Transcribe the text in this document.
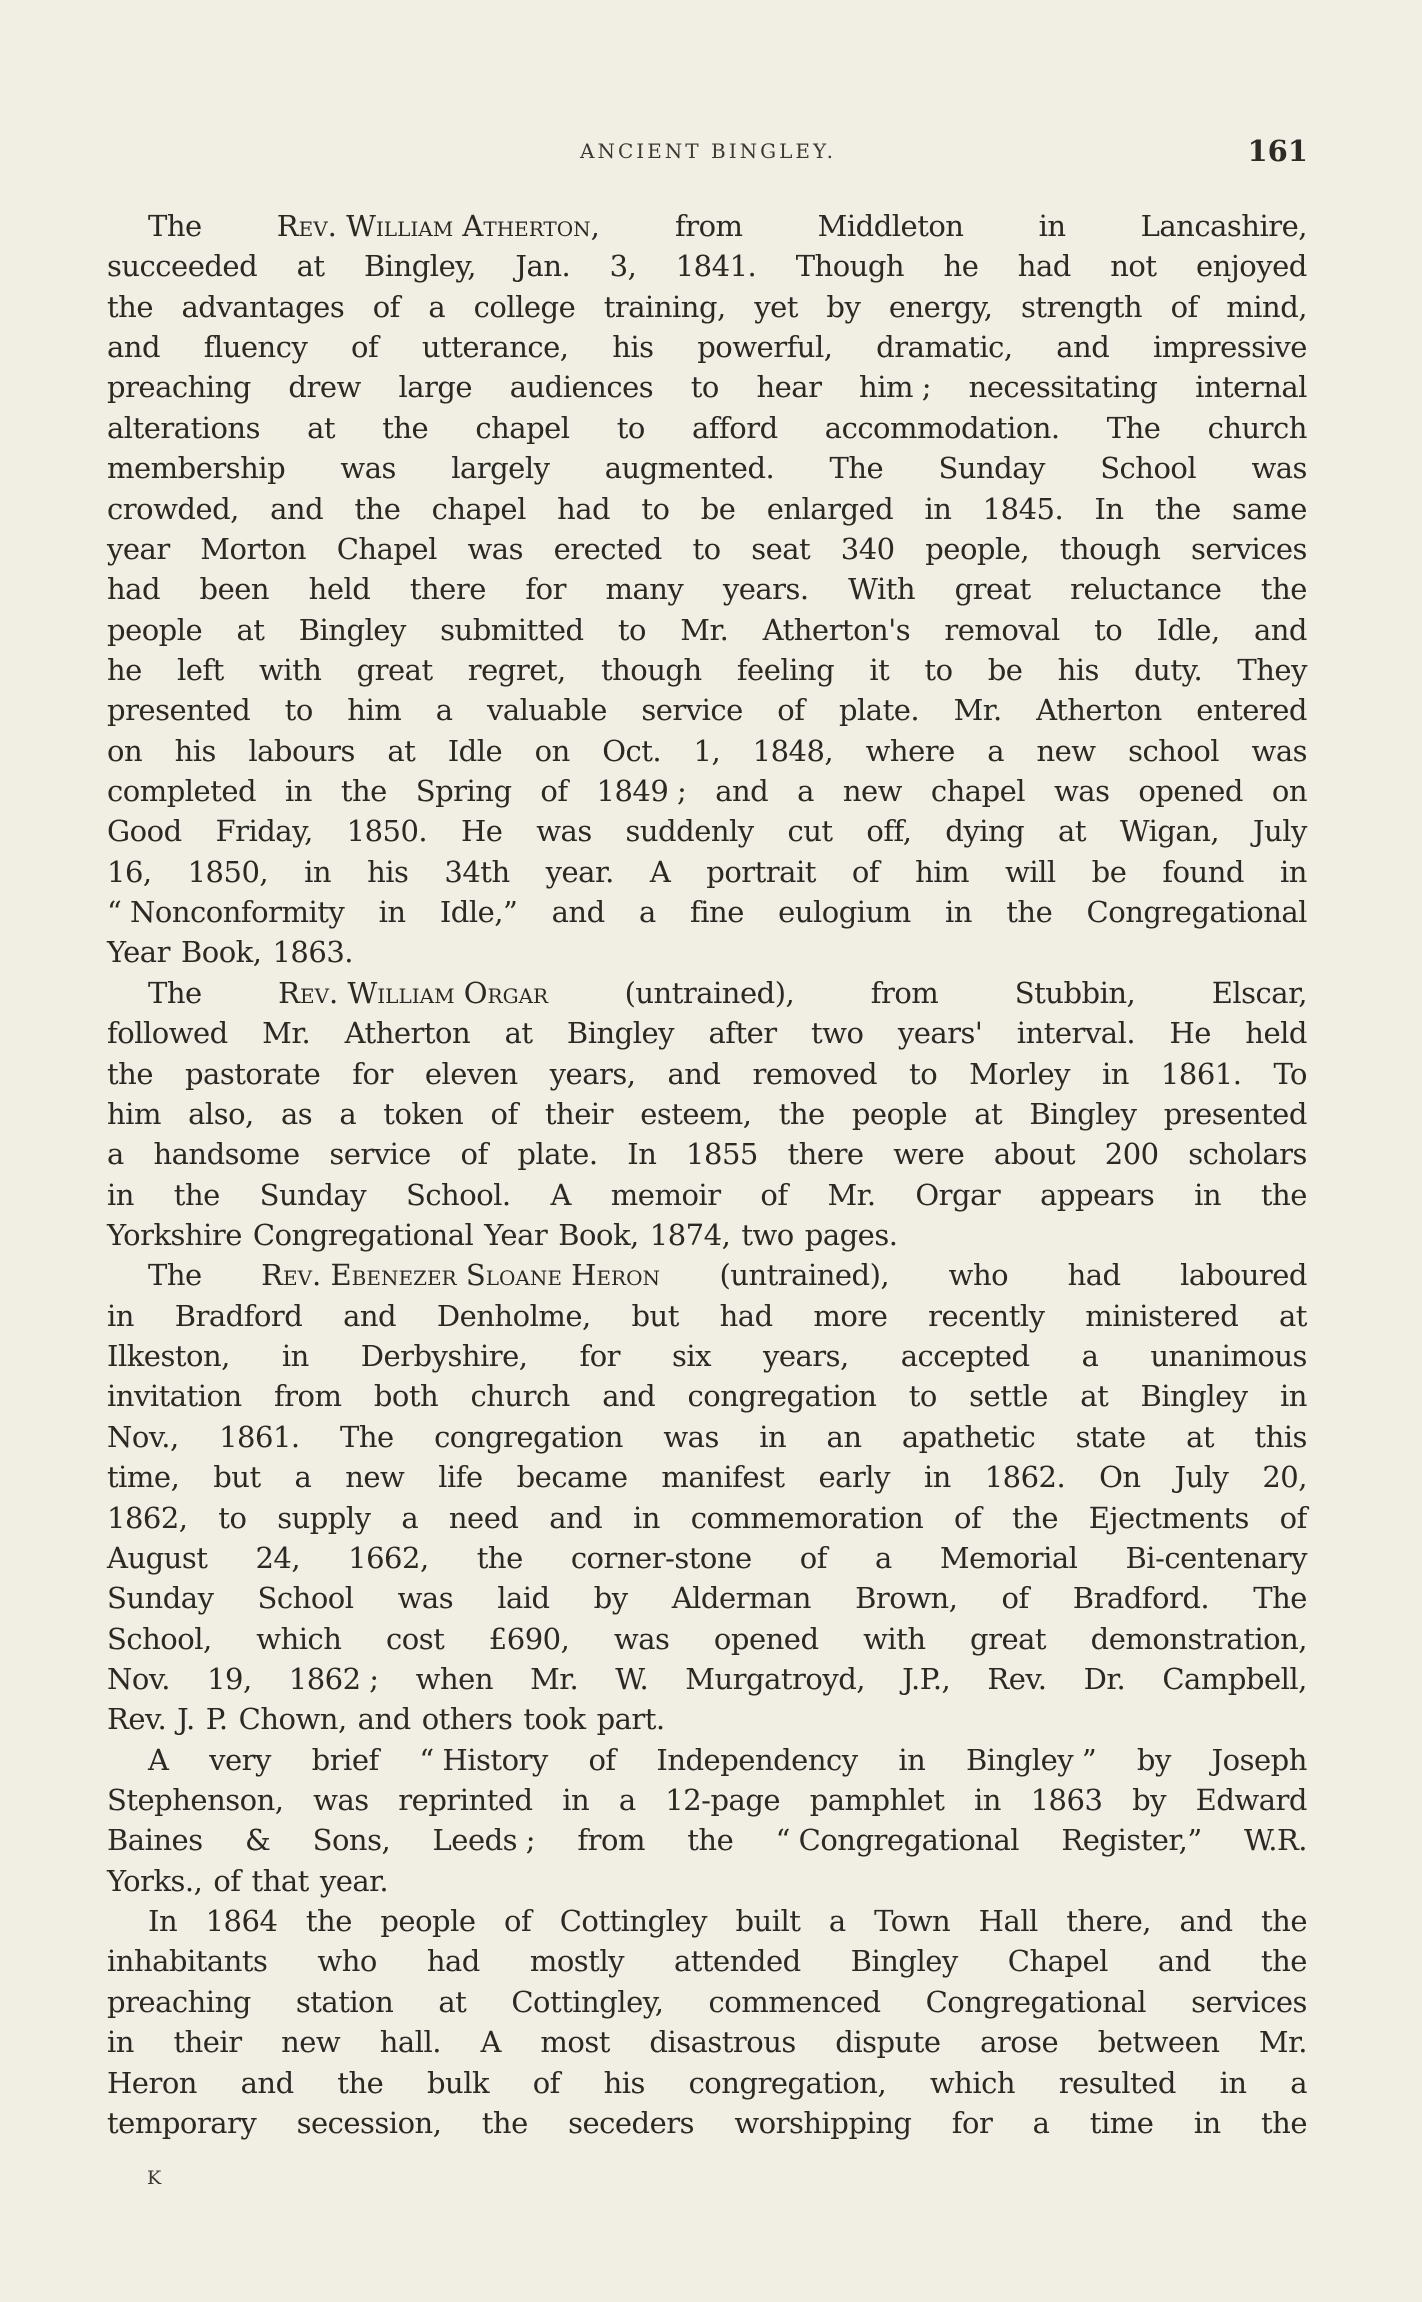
ANCIENT BINGLEY.	161
The	Rev. William Atherton,	from	Middleton	in	Lancashire,
succeeded at Bingley, Jan. 3, 1841. Though he had not enjoyed
the advantages of a college training, yet by energy, strength of mind,
and fluency of utterance, his powerful, dramatic, and impressive
preaching drew large audiences to hear him ; necessitating internal
alterations at the chapel to afford accommodation. The church
membership was largely augmented. The Sunday School was
crowded, and the chapel had to be enlarged in 1845. In the same
year Morton Chapel was erected to seat 340 people, though services
had been held there for many years. With great reluctance the
people at Bingley submitted to Mr. Atherton's removal to Idle, and
he left with great regret, though feeling it to be his duty. They
presented to him a valuable service of plate. Mr. Atherton entered
on his labours at Idle on Oct. 1, 1848, where a new school was
completed in the Spring of 1849 ; and a new chapel was opened on
Good Friday, 1850. He was suddenly cut off, dying at Wigan, July
16, 1850, in his 34th year. A portrait of him will be found in
“ Nonconformity in Idle,” and a fine eulogium in the Congregational
Year Book, 1863.
The	Rev. William Orgar	(untrained),	from	Stubbin,	Elscar,
followed Mr. Atherton at Bingley after two years' interval. He held
the pastorate for eleven years, and removed to Morley in 1861. To
him also, as a token of their esteem, the people at Bingley presented
a handsome service of plate. In 1855 there were about 200 scholars
in the Sunday School. A memoir of Mr. Orgar appears in the
Yorkshire Congregational Year Book, 1874, two pages.
The Rev. Ebenezer Sloane Heron (untrained), who had laboured
in Bradford and Denholme, but had more recently ministered at
Ilkeston, in Derbyshire, for six years, accepted a unanimous
invitation from both church and congregation to settle at Bingley in
Nov., 1861. The congregation was in an apathetic state at this
time, but a new life became manifest early in 1862. On July 20,
1862, to supply a need and in commemoration of the Ejectments of
August 24, 1662, the corner-stone of a Memorial Bi-centenary
Sunday School was laid by Alderman Brown, of Bradford. The
School, which cost £690, was opened with great demonstration,
Nov. 19, 1862 ; when Mr. W. Murgatroyd, J.P., Rev. Dr. Campbell,
Rev. J. P. Chown, and others took part.
A very brief “ History of Independency in Bingley ” by Joseph
Stephenson, was reprinted in a 12-page pamphlet in 1863 by Edward
Baines & Sons, Leeds ; from the “ Congregational Register,” W.R.
Yorks., of that year.
In 1864 the people of Cottingley built a Town Hall there, and the
inhabitants who had mostly attended Bingley Chapel and the
preaching station at Cottingley, commenced Congregational services
in their new hall. A most disastrous dispute arose between Mr.
Heron and the bulk of his congregation, which resulted in a
temporary secession, the seceders worshipping for a time in the
K
